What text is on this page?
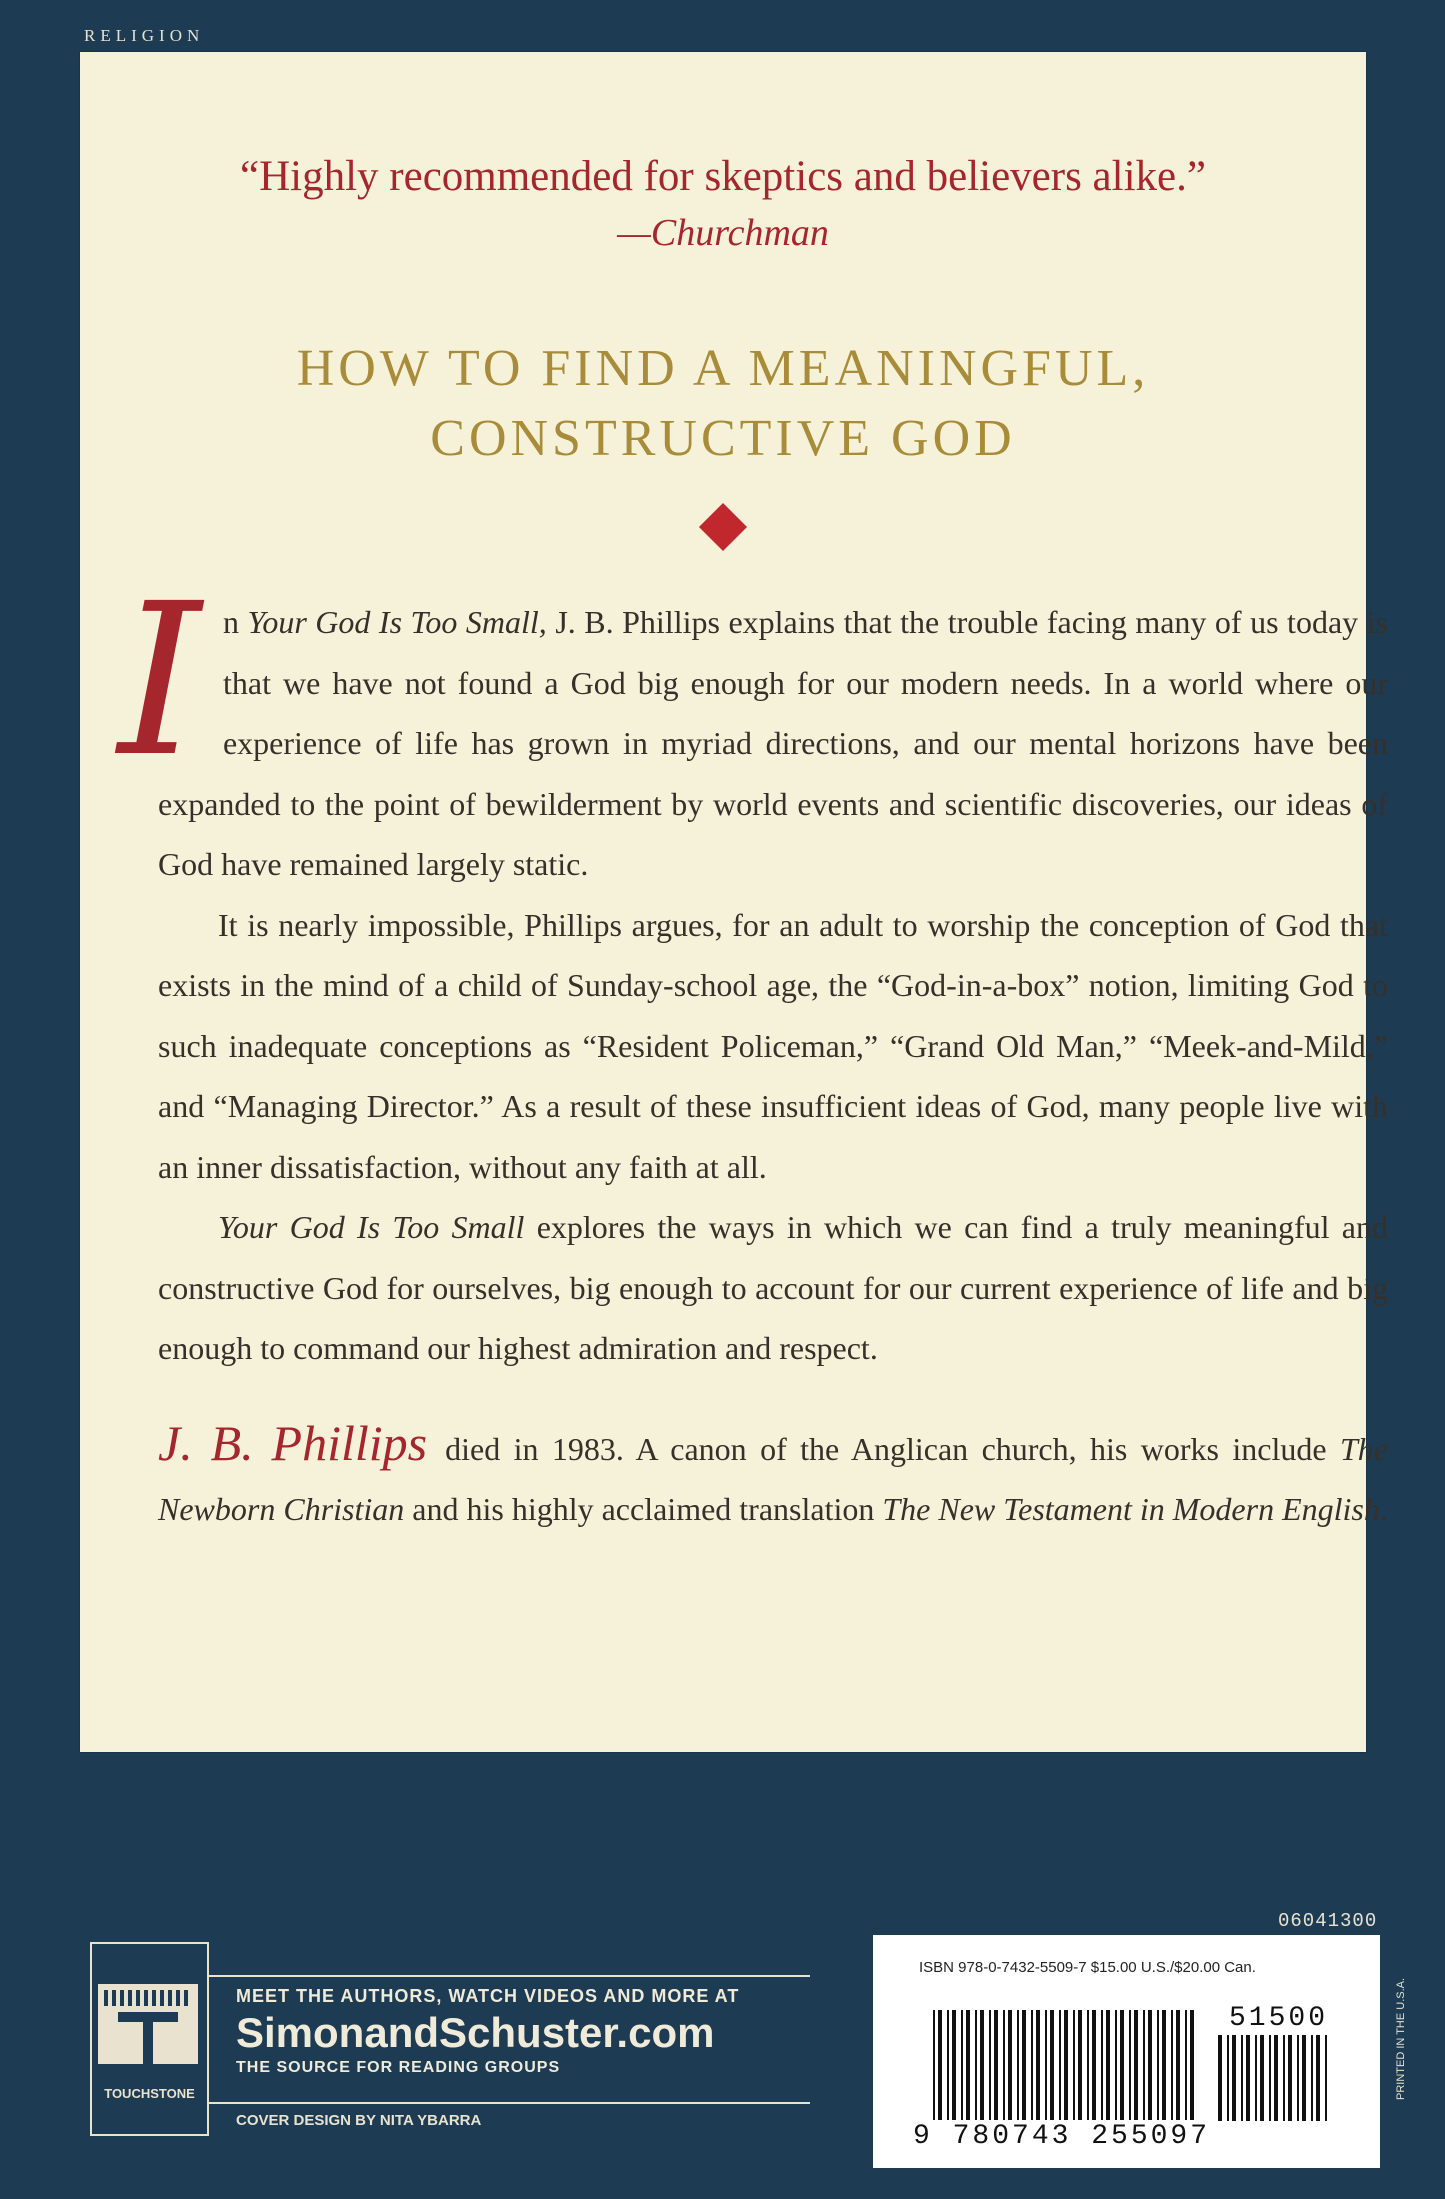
RELIGION
“Highly recommended for skeptics and believers alike.”
—Churchman
HOW TO FIND A MEANINGFUL,
CONSTRUCTIVE GOD

In Your God Is Too Small, J. B. Phillips explains that the trouble facing many of us today is that we have not found a God big enough for our modern needs. In a world where our experience of life has grown in myriad directions, and our mental horizons have been expanded to the point of bewilderment by world events and scientific discoveries, our ideas of God have remained largely static.

It is nearly impossible, Phillips argues, for an adult to worship the conception of God that exists in the mind of a child of Sunday-school age, the “God-in-a-box” notion, limiting God to such inadequate conceptions as “Resident Policeman,” “Grand Old Man,” “Meek-and-Mild,” and “Managing Director.” As a result of these insufficient ideas of God, many people live with an inner dissatisfaction, without any faith at all.

Your God Is Too Small explores the ways in which we can find a truly meaningful and constructive God for ourselves, big enough to account for our current experience of life and big enough to command our highest admiration and respect.

J. B. Phillips died in 1983. A canon of the Anglican church, his works include The Newborn Christian and his highly acclaimed translation The New Testament in Modern English.

06041300
TOUCHSTONE
MEET THE AUTHORS, WATCH VIDEOS AND MORE AT
SimonandSchuster.com
THE SOURCE FOR READING GROUPS
COVER DESIGN BY NITA YBARRA
ISBN 978-0-7432-5509-7 $15.00 U.S./$20.00 Can.
51500
9 780743 255097
PRINTED IN THE U.S.A.
